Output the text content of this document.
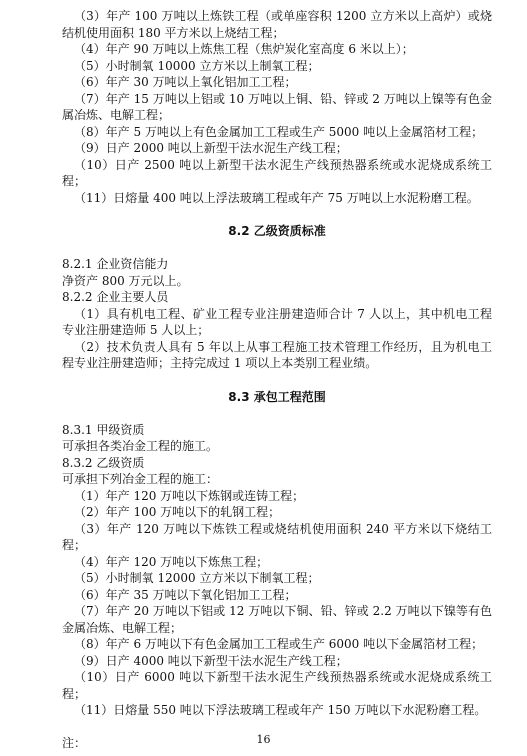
（3）年产 100 万吨以上炼铁工程（或单座容积 1200 立方米以上高炉）或烧结机使用面积 180 平方米以上烧结工程；

（4）年产 90 万吨以上炼焦工程（焦炉炭化室高度 6 米以上）；

（5）小时制氧 10000 立方米以上制氧工程；

（6）年产 30 万吨以上氧化铝加工工程；

（7）年产 15 万吨以上铝或 10 万吨以上铜、铅、锌或 2 万吨以上镍等有色金属冶炼、电解工程；

（8）年产 5 万吨以上有色金属加工工程或生产 5000 吨以上金属箔材工程；

（9）日产 2000 吨以上新型干法水泥生产线工程；

（10）日产 2500 吨以上新型干法水泥生产线预热器系统或水泥烧成系统工程；

（11）日熔量 400 吨以上浮法玻璃工程或年产 75 万吨以上水泥粉磨工程。

8.2 乙级资质标准

8.2.1 企业资信能力

净资产 800 万元以上。

8.2.2 企业主要人员

（1）具有机电工程、矿业工程专业注册建造师合计 7 人以上，其中机电工程专业注册建造师 5 人以上；

（2）技术负责人具有 5 年以上从事工程施工技术管理工作经历，且为机电工程专业注册建造师；主持完成过 1 项以上本类别工程业绩。

8.3 承包工程范围

8.3.1 甲级资质

可承担各类冶金工程的施工。

8.3.2 乙级资质

可承担下列冶金工程的施工：

（1）年产 120 万吨以下炼钢或连铸工程；

（2）年产 100 万吨以下的轧钢工程；

（3）年产 120 万吨以下炼铁工程或烧结机使用面积 240 平方米以下烧结工程；

（4）年产 120 万吨以下炼焦工程；

（5）小时制氧 12000 立方米以下制氧工程；

（6）年产 35 万吨以下氧化铝加工工程；

（7）年产 20 万吨以下铝或 12 万吨以下铜、铅、锌或 2.2 万吨以下镍等有色金属冶炼、电解工程；

（8）年产 6 万吨以下有色金属加工工程或生产 6000 吨以下金属箔材工程；

（9）日产 4000 吨以下新型干法水泥生产线工程；

（10）日产 6000 吨以下新型干法水泥生产线预热器系统或水泥烧成系统工程；

（11）日熔量 550 吨以下浮法玻璃工程或年产 150 万吨以下水泥粉磨工程。

注：	16
